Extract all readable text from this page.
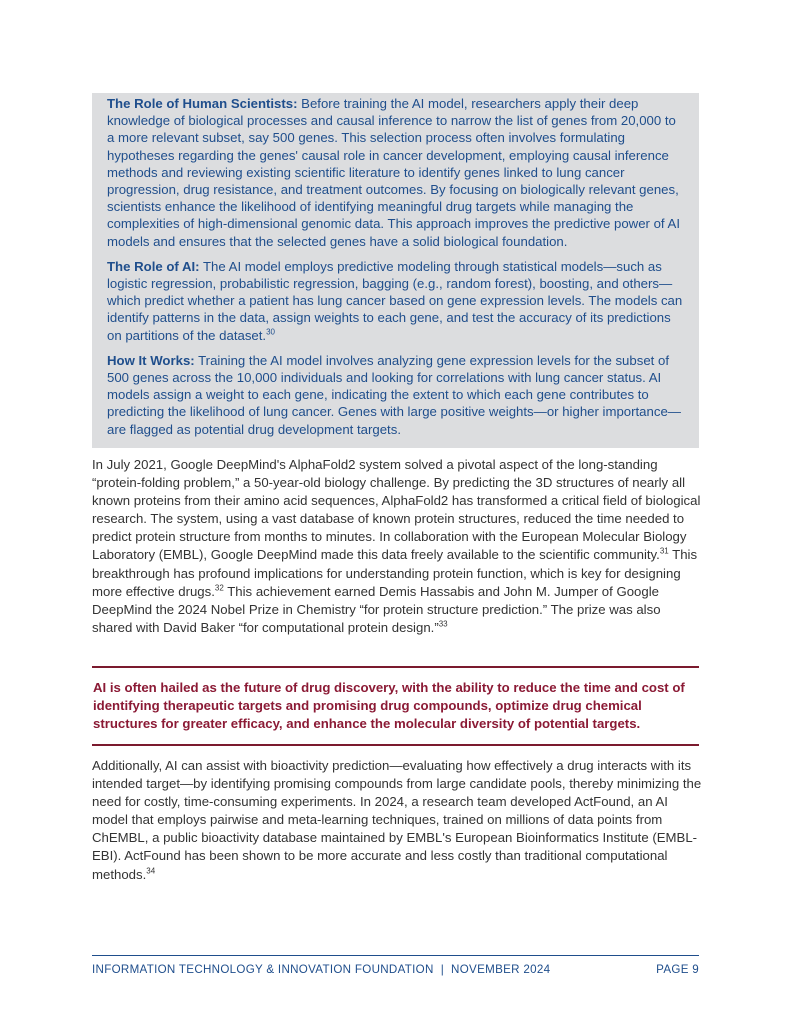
The Role of Human Scientists: Before training the AI model, researchers apply their deep knowledge of biological processes and causal inference to narrow the list of genes from 20,000 to a more relevant subset, say 500 genes. This selection process often involves formulating hypotheses regarding the genes' causal role in cancer development, employing causal inference methods and reviewing existing scientific literature to identify genes linked to lung cancer progression, drug resistance, and treatment outcomes. By focusing on biologically relevant genes, scientists enhance the likelihood of identifying meaningful drug targets while managing the complexities of high-dimensional genomic data. This approach improves the predictive power of AI models and ensures that the selected genes have a solid biological foundation.

The Role of AI: The AI model employs predictive modeling through statistical models—such as logistic regression, probabilistic regression, bagging (e.g., random forest), boosting, and others—which predict whether a patient has lung cancer based on gene expression levels. The models can identify patterns in the data, assign weights to each gene, and test the accuracy of its predictions on partitions of the dataset.$^{30}$

How It Works: Training the AI model involves analyzing gene expression levels for the subset of 500 genes across the 10,000 individuals and looking for correlations with lung cancer status. AI models assign a weight to each gene, indicating the extent to which each gene contributes to predicting the likelihood of lung cancer. Genes with large positive weights—or higher importance—are flagged as potential drug development targets.

In July 2021, Google DeepMind's AlphaFold2 system solved a pivotal aspect of the long-standing “protein-folding problem,” a 50-year-old biology challenge. By predicting the 3D structures of nearly all known proteins from their amino acid sequences, AlphaFold2 has transformed a critical field of biological research. The system, using a vast database of known protein structures, reduced the time needed to predict protein structure from months to minutes. In collaboration with the European Molecular Biology Laboratory (EMBL), Google DeepMind made this data freely available to the scientific community.$^{31}$ This breakthrough has profound implications for understanding protein function, which is key for designing more effective drugs.$^{32}$ This achievement earned Demis Hassabis and John M. Jumper of Google DeepMind the 2024 Nobel Prize in Chemistry “for protein structure prediction.” The prize was also shared with David Baker “for computational protein design.”$^{33}$

AI is often hailed as the future of drug discovery, with the ability to reduce the time and cost of identifying therapeutic targets and promising drug compounds, optimize drug chemical structures for greater efficacy, and enhance the molecular diversity of potential targets.

Additionally, AI can assist with bioactivity prediction—evaluating how effectively a drug interacts with its intended target—by identifying promising compounds from large candidate pools, thereby minimizing the need for costly, time-consuming experiments. In 2024, a research team developed ActFound, an AI model that employs pairwise and meta-learning techniques, trained on millions of data points from ChEMBL, a public bioactivity database maintained by EMBL's European Bioinformatics Institute (EMBL-EBI). ActFound has been shown to be more accurate and less costly than traditional computational methods.$^{34}$

INFORMATION TECHNOLOGY & INNOVATION FOUNDATION  |  NOVEMBER 2024	PAGE 9
